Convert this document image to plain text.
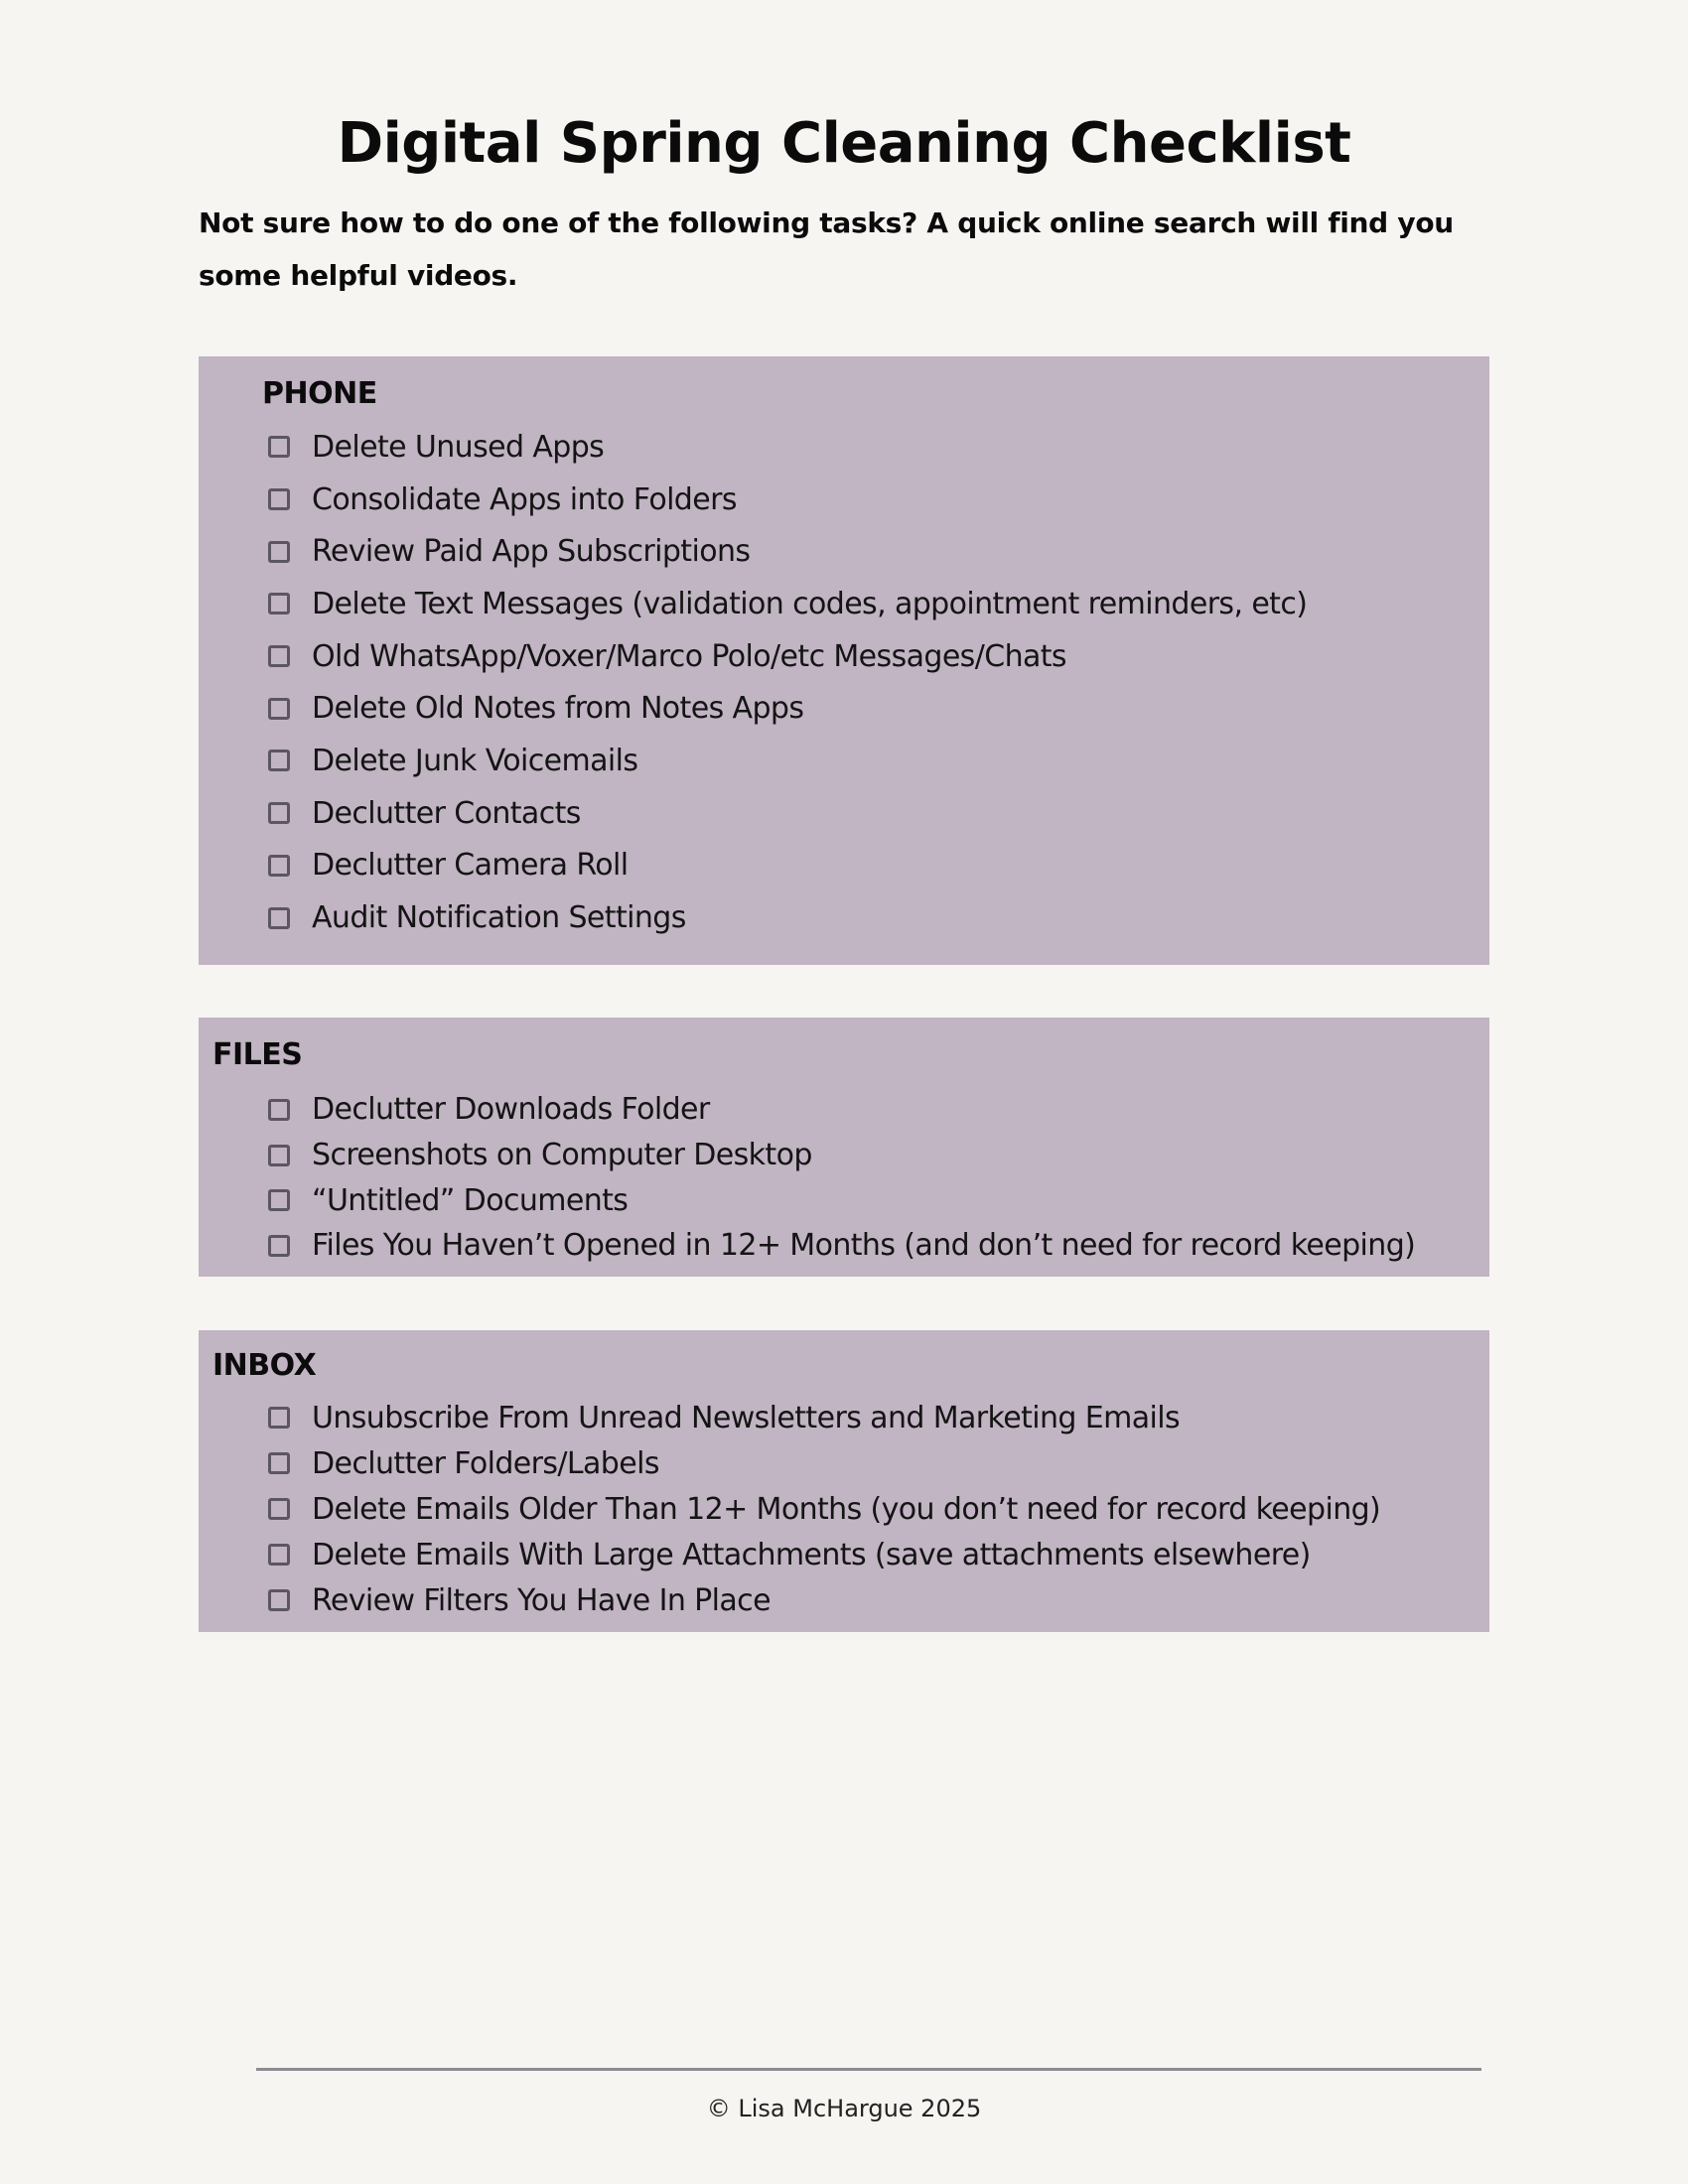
Digital Spring Cleaning Checklist

Not sure how to do one of the following tasks? A quick online search will find you some helpful videos.

PHONE
Delete Unused Apps
Consolidate Apps into Folders
Review Paid App Subscriptions
Delete Text Messages (validation codes, appointment reminders, etc)
Old WhatsApp/Voxer/Marco Polo/etc Messages/Chats
Delete Old Notes from Notes Apps
Delete Junk Voicemails
Declutter Contacts
Declutter Camera Roll
Audit Notification Settings
FILES
Declutter Downloads Folder
Screenshots on Computer Desktop
“Untitled” Documents
Files You Haven’t Opened in 12+ Months (and don’t need for record keeping)
INBOX
Unsubscribe From Unread Newsletters and Marketing Emails
Declutter Folders/Labels
Delete Emails Older Than 12+ Months (you don’t need for record keeping)
Delete Emails With Large Attachments (save attachments elsewhere)
Review Filters You Have In Place

© Lisa McHargue 2025
